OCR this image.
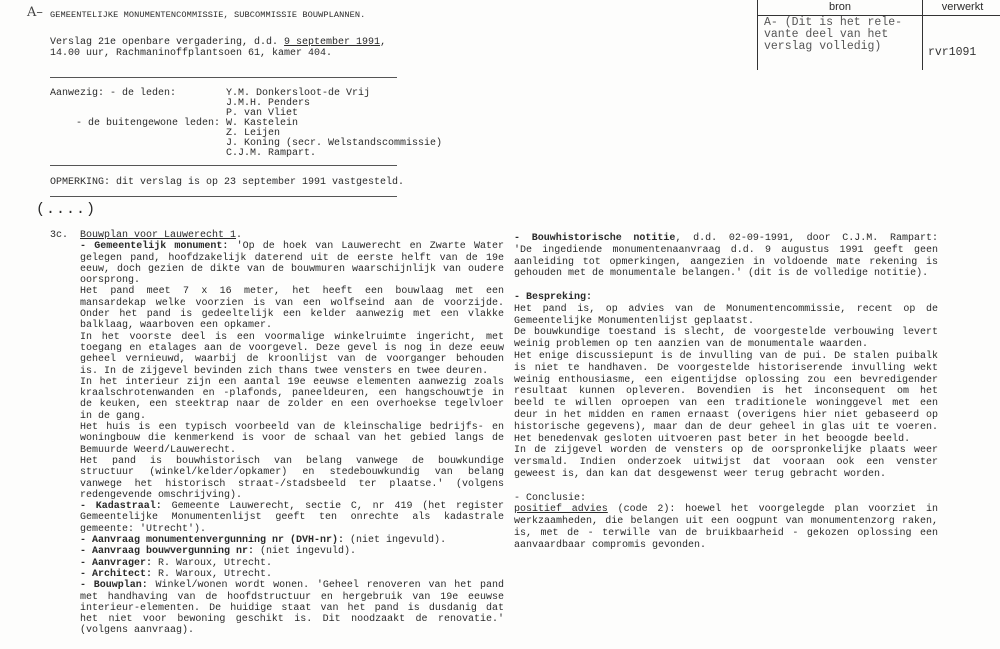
A– GEMEENTELIJKE MONUMENTENCOMMISSIE, SUBCOMMISSIE BOUWPLANNEN.
Verslag 21e openbare vergadering, d.d. 9 september 1991,
14.00 uur, Rachmaninoffplantsoen 61, kamer 404.
bron	verwerkt
A- (Dit is het rele-
vante deel van het
verslag volledig)	rvr1091
Aanwezig: - de leden:
- de buitengewone leden:
Y.M. Donkersloot-de Vrij
J.M.H. Penders
P. van Vliet
W. Kastelein
Z. Leijen
J. Koning (secr. Welstandscommissie)
C.J.M. Rampart.
OPMERKING: dit verslag is op 23 september 1991 vastgesteld.
(....)
3c. Bouwplan voor Lauwerecht 1.
- Gemeentelijk monument: 'Op de hoek van Lauwerecht en Zwarte Water
gelegen pand, hoofdzakelijk daterend uit de eerste helft van de 19e
eeuw, doch gezien de dikte van de bouwmuren waarschijnlijk van oudere
oorsprong.
Het pand meet 7 x 16 meter, het heeft een bouwlaag met een
mansardekap welke voorzien is van een wolfseind aan de voorzijde.
Onder het pand is gedeeltelijk een kelder aanwezig met een vlakke
balklaag, waarboven een opkamer.
In het voorste deel is een voormalige winkelruimte ingericht, met
toegang en etalages aan de voorgevel. Deze gevel is nog in deze eeuw
geheel vernieuwd, waarbij de kroonlijst van de voorganger behouden
is. In de zijgevel bevinden zich thans twee vensters en twee deuren.
In het interieur zijn een aantal 19e eeuwse elementen aanwezig zoals
kraalschrotenwanden en -plafonds, paneeldeuren, een hangschouwtje in
de keuken, een steektrap naar de zolder en een overhoekse tegelvloer
in de gang.
Het huis is een typisch voorbeeld van de kleinschalige bedrijfs- en
woningbouw die kenmerkend is voor de schaal van het gebied langs de
Bemuurde Weerd/Lauwerecht.
Het pand is bouwhistorisch van belang vanwege de bouwkundige
structuur (winkel/kelder/opkamer) en stedebouwkundig van belang
vanwege het historisch straat-/stadsbeeld ter plaatse.' (volgens
redengevende omschrijving).
- Kadastraal: Gemeente Lauwerecht, sectie C, nr 419 (het register
Gemeentelijke Monumentenlijst geeft ten onrechte als kadastrale
gemeente: 'Utrecht').
- Aanvraag monumentenvergunning nr (DVH-nr): (niet ingevuld).
- Aanvraag bouwvergunning nr: (niet ingevuld).
- Aanvrager: R. Waroux, Utrecht.
- Architect: R. Waroux, Utrecht.
- Bouwplan: Winkel/wonen wordt wonen. 'Geheel renoveren van het pand
met handhaving van de hoofdstructuur en hergebruik van 19e eeuwse
interieur-elementen. De huidige staat van het pand is dusdanig dat
het niet voor bewoning geschikt is. Dit noodzaakt de renovatie.'
(volgens aanvraag).
- Bouwhistorische notitie, d.d. 02-09-1991, door C.J.M. Rampart:
'De ingediende monumentenaanvraag d.d. 9 augustus 1991 geeft geen
aanleiding tot opmerkingen, aangezien in voldoende mate rekening is
gehouden met de monumentale belangen.' (dit is de volledige notitie).
- Bespreking:
Het pand is, op advies van de Monumentencommissie, recent op de
Gemeentelijke Monumentenlijst geplaatst.
De bouwkundige toestand is slecht, de voorgestelde verbouwing levert
weinig problemen op ten aanzien van de monumentale waarden.
Het enige discussiepunt is de invulling van de pui. De stalen puibalk
is niet te handhaven. De voorgestelde historiserende invulling wekt
weinig enthousiasme, een eigentijdse oplossing zou een bevredigender
resultaat kunnen opleveren. Bovendien is het inconsequent om het
beeld te willen oproepen van een traditionele woninggevel met een
deur in het midden en ramen ernaast (overigens hier niet gebaseerd op
historische gegevens), maar dan de deur geheel in glas uit te voeren.
Het benedenvak gesloten uitvoeren past beter in het beoogde beeld.
In de zijgevel worden de vensters op de oorspronkelijke plaats weer
versmald. Indien onderzoek uitwijst dat vooraan ook een venster
geweest is, dan kan dat desgewenst weer terug gebracht worden.
- Conclusie:
positief advies (code 2): hoewel het voorgelegde plan voorziet in
werkzaamheden, die belangen uit een oogpunt van monumentenzorg raken,
is, met de - terwille van de bruikbaarheid - gekozen oplossing een
aanvaardbaar compromis gevonden.
